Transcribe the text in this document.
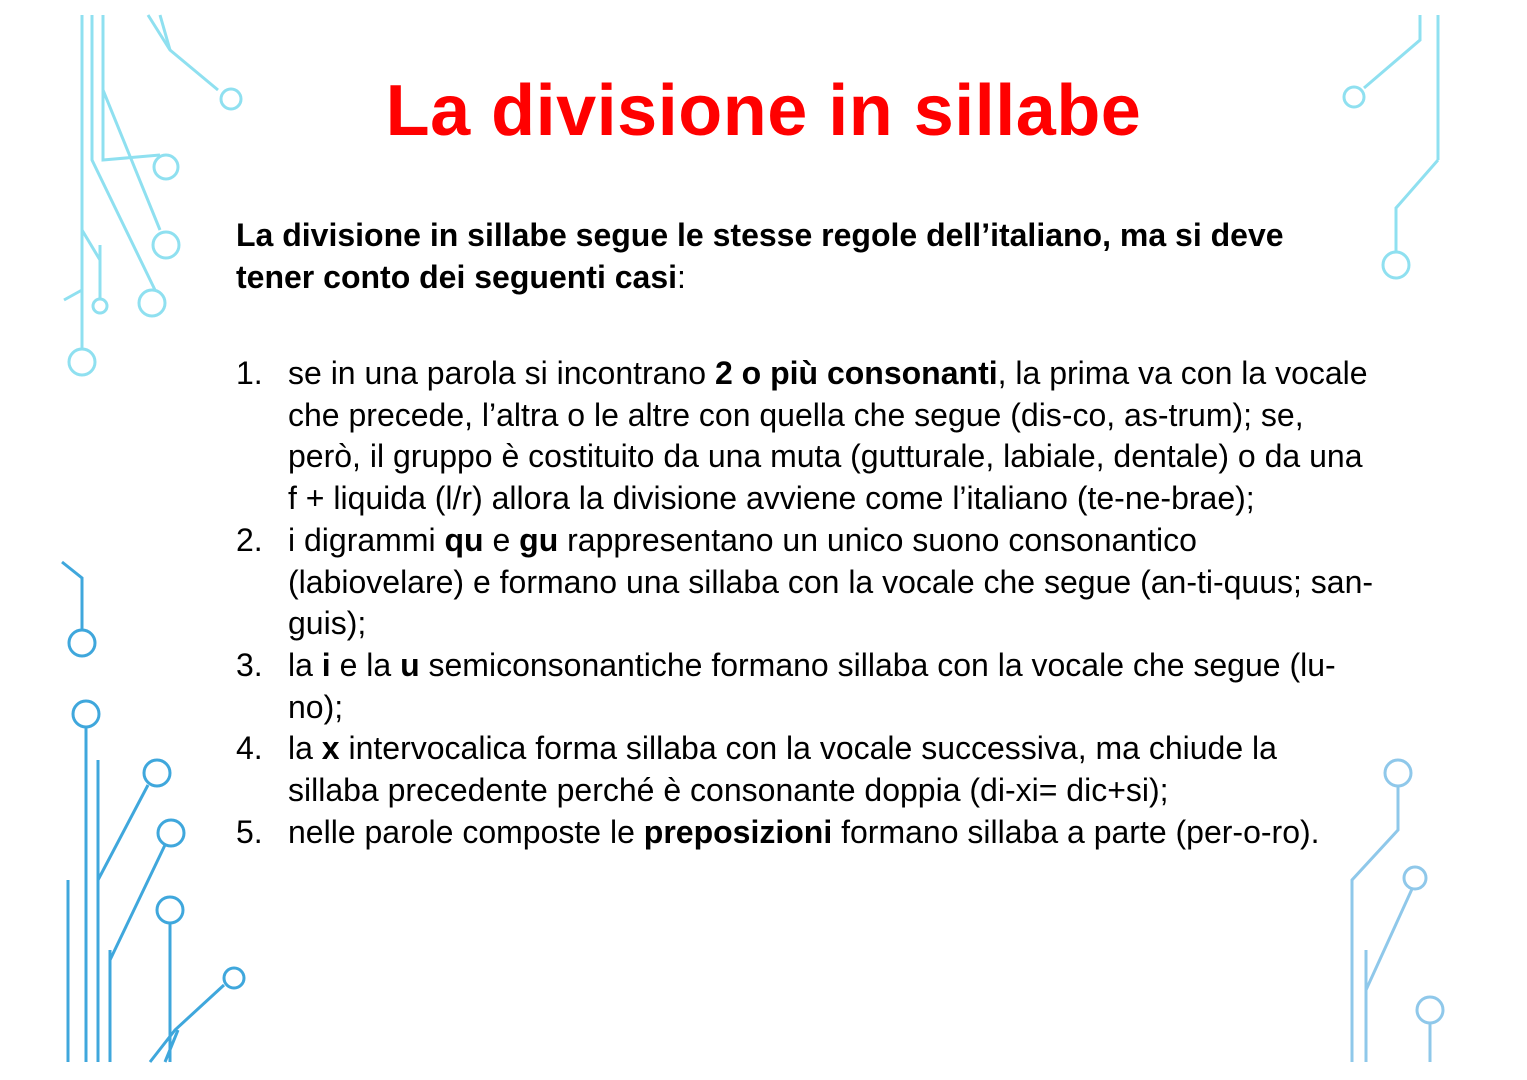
La divisione in sillabe
La divisione in sillabe segue le stesse regole dell’italiano, ma si deve tener conto dei seguenti casi:
1. se in una parola si incontrano 2 o più consonanti, la prima va con la vocale che precede, l’altra o le altre con quella che segue (dis-co, as-trum); se, però, il gruppo è costituito da una muta (gutturale, labiale, dentale) o da una f + liquida (l/r) allora la divisione avviene come l’italiano (te-ne-brae);
2. i digrammi qu e gu rappresentano un unico suono consonantico (labiovelare) e formano una sillaba con la vocale che segue (an-ti-quus; san-guis);
3. la i e la u semiconsonantiche formano sillaba con la vocale che segue (lu-no);
4. la x intervocalica forma sillaba con la vocale successiva, ma chiude la sillaba precedente perché è consonante doppia (di-xi= dic+si);
5. nelle parole composte le preposizioni formano sillaba a parte (per-o-ro).
